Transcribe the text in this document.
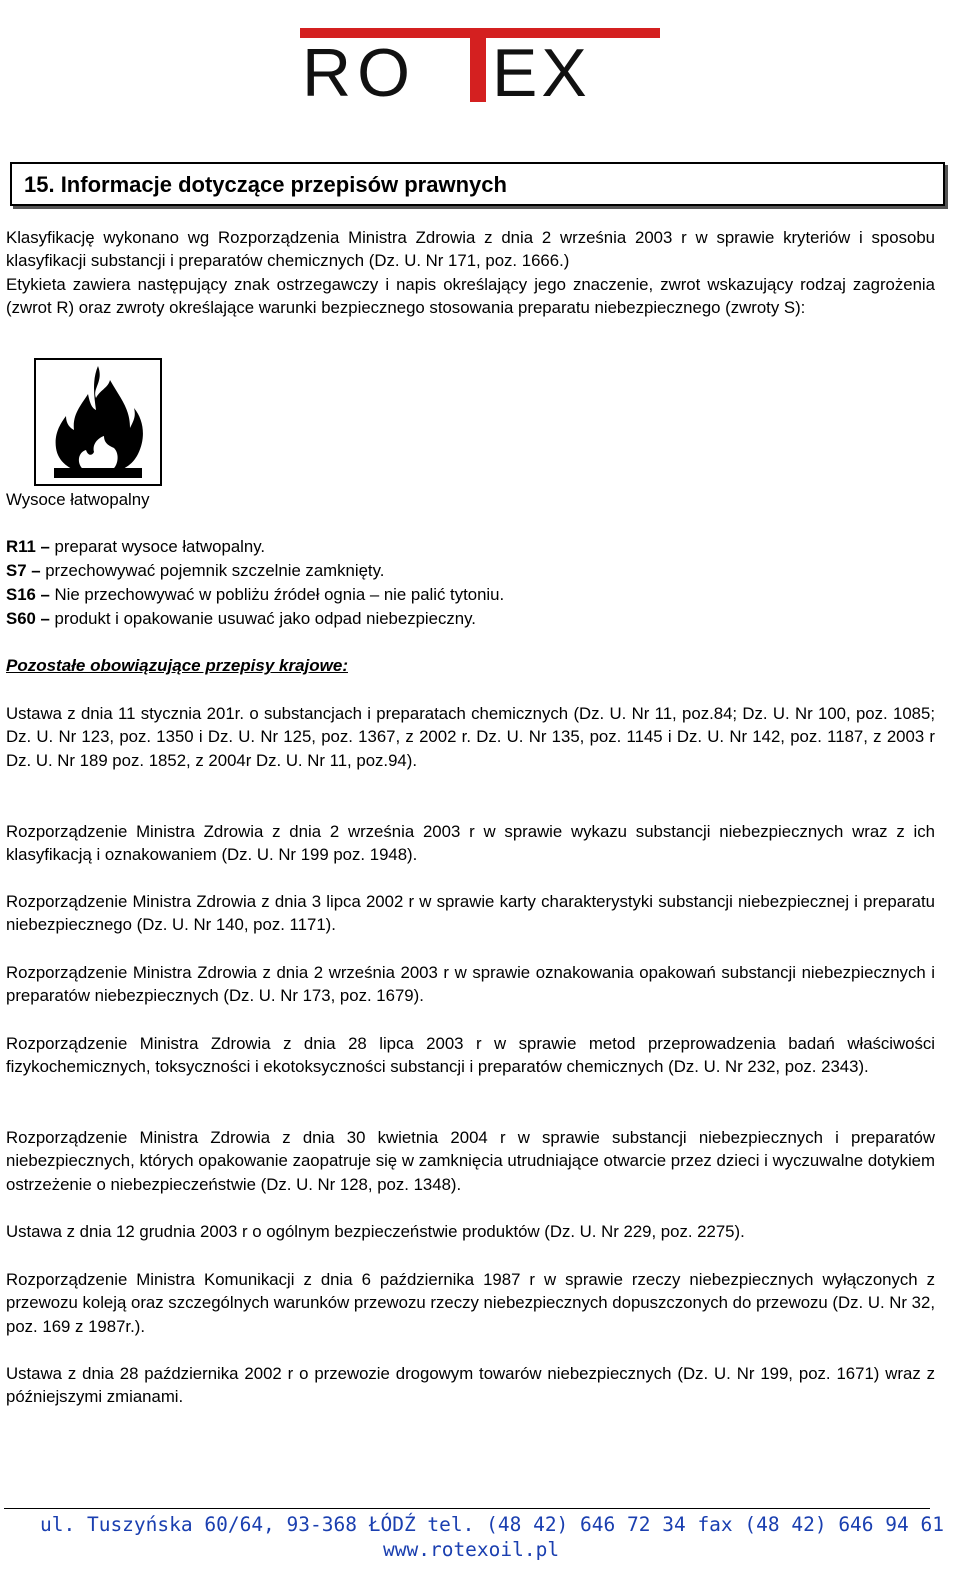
RO EX
15. Informacje dotyczące przepisów prawnych

Klasyfikację wykonano wg Rozporządzenia Ministra Zdrowia z dnia 2 września 2003 r w sprawie kryteriów i sposobu klasyfikacji substancji i preparatów chemicznych (Dz. U. Nr 171, poz. 1666.)

Etykieta zawiera następujący znak ostrzegawczy i napis określający jego znaczenie, zwrot wskazujący rodzaj zagrożenia (zwrot R) oraz zwroty określające warunki bezpiecznego stosowania preparatu niebezpiecznego (zwroty S):

Wysoce łatwopalny
R11 – preparat wysoce łatwopalny.
S7 – przechowywać pojemnik szczelnie zamknięty.
S16 – Nie przechowywać w pobliżu źródeł ognia – nie palić tytoniu.
S60 – produkt i opakowanie usuwać jako odpad niebezpieczny.
Pozostałe obowiązujące przepisy krajowe:

Ustawa z dnia 11 stycznia 201r. o substancjach i preparatach chemicznych (Dz. U. Nr 11, poz.84; Dz. U. Nr 100, poz. 1085; Dz. U. Nr 123, poz. 1350 i Dz. U. Nr 125, poz. 1367, z 2002 r. Dz. U. Nr 135, poz. 1145 i Dz. U. Nr 142, poz. 1187, z 2003 r Dz. U. Nr 189 poz. 1852, z 2004r Dz. U. Nr 11, poz.94).

Rozporządzenie Ministra Zdrowia z dnia 2 września 2003 r w sprawie wykazu substancji niebezpiecznych wraz z ich klasyfikacją i oznakowaniem (Dz. U. Nr 199 poz. 1948).

Rozporządzenie Ministra Zdrowia z dnia 3 lipca 2002 r w sprawie karty charakterystyki substancji niebezpiecznej i preparatu niebezpiecznego (Dz. U. Nr 140, poz. 1171).

Rozporządzenie Ministra Zdrowia z dnia 2 września 2003 r w sprawie oznakowania opakowań substancji niebezpiecznych i preparatów niebezpiecznych (Dz. U. Nr 173, poz. 1679).

Rozporządzenie Ministra Zdrowia z dnia 28 lipca 2003 r w sprawie metod przeprowadzenia badań właściwości fizykochemicznych, toksyczności i ekotoksyczności substancji i preparatów chemicznych (Dz. U. Nr 232, poz. 2343).

Rozporządzenie Ministra Zdrowia z dnia 30 kwietnia 2004 r w sprawie substancji niebezpiecznych i preparatów niebezpiecznych, których opakowanie zaopatruje się w zamknięcia utrudniające otwarcie przez dzieci i wyczuwalne dotykiem ostrzeżenie o niebezpieczeństwie (Dz. U. Nr 128, poz. 1348).

Ustawa z dnia 12 grudnia 2003 r o ogólnym bezpieczeństwie produktów (Dz. U. Nr 229, poz. 2275).

Rozporządzenie Ministra Komunikacji z dnia 6 października 1987 r w sprawie rzeczy niebezpiecznych wyłączonych z przewozu koleją oraz szczególnych warunków przewozu rzeczy niebezpiecznych dopuszczonych do przewozu (Dz. U. Nr 32, poz. 169 z 1987r.).

Ustawa z dnia 28 października 2002 r o przewozie drogowym towarów niebezpiecznych (Dz. U. Nr 199, poz. 1671) wraz z późniejszymi zmianami.

ul. Tuszyńska 60/64, 93-368 ŁÓDŹ tel. (48 42) 646 72 34 fax (48 42) 646 94 61
www.rotexoil.pl
